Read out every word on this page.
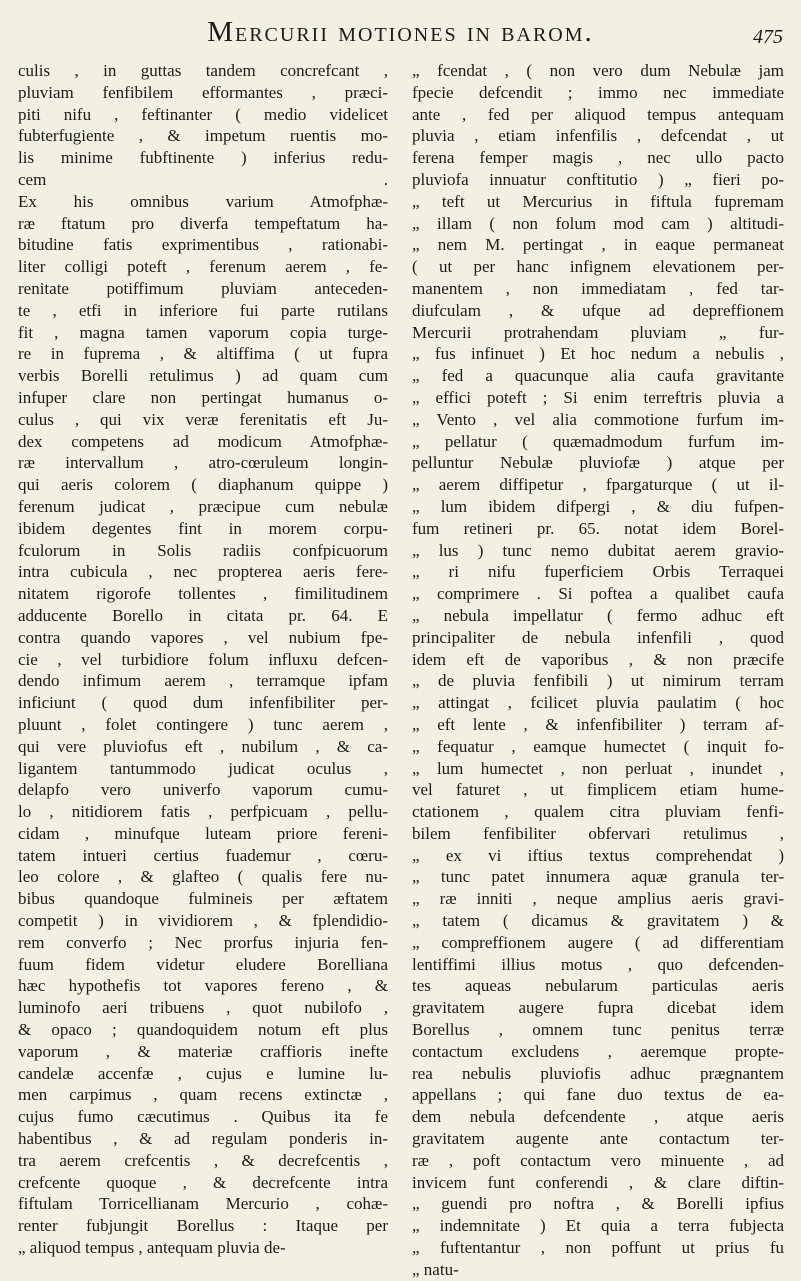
Mercurii motiones in barom.	475
culis , in guttas tandem concrefcant ,
pluviam fenfibilem efformantes , præci-
piti nifu , feftinanter ( medio videlicet
fubterfugiente , & impetum ruentis mo-
lis minime fubftinente ) inferius redu-
cem .
Ex his omnibus varium Atmofphæ-
ræ ftatum pro diverfa tempeftatum ha-
bitudine fatis exprimentibus , rationabi-
liter colligi poteft , ferenum aerem , fe-
renitate potiffimum pluviam anteceden-
te , etfi in inferiore fui parte rutilans
fit , magna tamen vaporum copia turge-
re in fuprema , & altiffima ( ut fupra
verbis Borelli retulimus ) ad quam cum
infuper clare non pertingat humanus o-
culus , qui vix veræ ferenitatis eft Ju-
dex competens ad modicum Atmofphæ-
ræ intervallum , atro-cœruleum longin-
qui aeris colorem ( diaphanum quippe )
ferenum judicat , præcipue cum nebulæ
ibidem degentes fint in morem corpu-
fculorum in Solis radiis confpicuorum
intra cubicula , nec propterea aeris fere-
nitatem rigorofe tollentes , fimilitudinem
adducente Borello in citata pr. 64. E
contra quando vapores , vel nubium fpe-
cie , vel turbidiore folum influxu defcen-
dendo infimum aerem , terramque ipfam
inficiunt ( quod dum infenfibiliter per-
pluunt , folet contingere ) tunc aerem ,
qui vere pluviofus eft , nubilum , & ca-
ligantem tantummodo judicat oculus ,
delapfo vero univerfo vaporum cumu-
lo , nitidiorem fatis , perfpicuam , pellu-
cidam , minufque luteam priore fereni-
tatem intueri certius fuademur , cœru-
leo colore , & glafteo ( qualis fere nu-
bibus quandoque fulmineis per æftatem
competit ) in vividiorem , & fplendidio-
rem converfo ; Nec prorfus injuria fen-
fuum fidem videtur eludere Borelliana
hæc hypothefis tot vapores fereno , &
luminofo aeri tribuens , quot nubilofo ,
& opaco ; quandoquidem notum eft plus
vaporum , & materiæ craffioris inefte
candelæ accenfæ , cujus e lumine lu-
men carpimus , quam recens extinctæ ,
cujus fumo cæcutimus . Quibus ita fe
habentibus , & ad regulam ponderis in-
tra aerem crefcentis , & decrefcentis ,
crefcente quoque , & decrefcente intra
fiftulam Torricellianam Mercurio , cohæ-
renter fubjungit Borellus : Itaque per
„ aliquod tempus , antequam pluvia de-
„ fcendat , ( non vero dum Nebulæ jam
fpecie defcendit ; immo nec immediate
ante , fed per aliquod tempus antequam
pluvia , etiam infenfilis , defcendat , ut
ferena femper magis , nec ullo pacto
pluviofa innuatur conftitutio ) „ fieri po-
„ teft ut Mercurius in fiftula fupremam
„ illam ( non folum mod cam ) altitudi-
„ nem M. pertingat , in eaque permaneat
( ut per hanc infignem elevationem per-
manentem , non immediatam , fed tar-
diufculam , & ufque ad depreffionem
Mercurii protrahendam pluviam „ fur-
„ fus infinuet ) Et hoc nedum a nebulis ,
„ fed a quacunque alia caufa gravitante
„ effici poteft ; Si enim terreftris pluvia a
„ Vento , vel alia commotione furfum im-
„ pellatur ( quæmadmodum furfum im-
pelluntur Nebulæ pluviofæ ) atque per
„ aerem diffipetur , fpargaturque ( ut il-
„ lum ibidem difpergi , & diu fufpen-
fum retineri pr. 65. notat idem Borel-
„ lus ) tunc nemo dubitat aerem gravio-
„ ri nifu fuperficiem Orbis Terraquei
„ comprimere . Si poftea a qualibet caufa
„ nebula impellatur ( fermo adhuc eft
principaliter de nebula infenfili , quod
idem eft de vaporibus , & non præcife
„ de pluvia fenfibili ) ut nimirum terram
„ attingat , fcilicet pluvia paulatim ( hoc
„ eft lente , & infenfibiliter ) terram af-
„ fequatur , eamque humectet ( inquit fo-
„ lum humectet , non perluat , inundet ,
vel faturet , ut fimplicem etiam hume-
ctationem , qualem citra pluviam fenfi-
bilem fenfibiliter obfervari retulimus ,
„ ex vi iftius textus comprehendat )
„ tunc patet innumera aquæ granula ter-
„ ræ inniti , neque amplius aeris gravi-
„ tatem ( dicamus & gravitatem ) &
„ compreffionem augere ( ad differentiam
lentiffimi illius motus , quo defcenden-
tes aqueas nebularum particulas aeris
gravitatem augere fupra dicebat idem
Borellus , omnem tunc penitus terræ
contactum excludens , aeremque propte-
rea nebulis pluviofis adhuc prægnantem
appellans ; qui fane duo textus de ea-
dem nebula defcendente , atque aeris
gravitatem augente ante contactum ter-
ræ , poft contactum vero minuente , ad
invicem funt conferendi , & clare diftin-
„ guendi pro noftra , & Borelli ipfius
„ indemnitate ) Et quia a terra fubjecta
„ fuftentantur , non poffunt ut prius fu
„ natu-
